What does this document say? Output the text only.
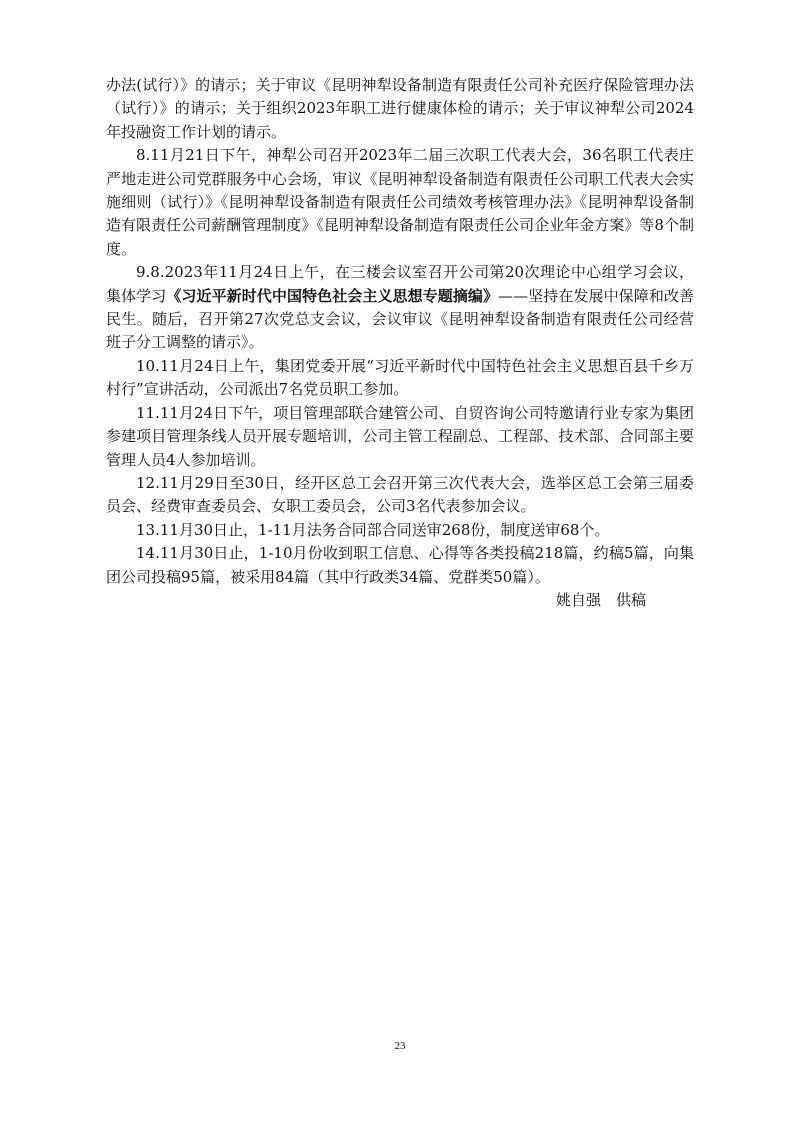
办法(试行）》的请示；关于审议《昆明神犁设备制造有限责任公司补充医疗保险管理办法（试行）》的请示；关于组织2023年职工进行健康体检的请示；关于审议神犁公司2024年投融资工作计划的请示。

8.11月21日下午，神犁公司召开2023年二届三次职工代表大会，36名职工代表庄严地走进公司党群服务中心会场，审议《昆明神犁设备制造有限责任公司职工代表大会实施细则（试行）》《昆明神犁设备制造有限责任公司绩效考核管理办法》《昆明神犁设备制造有限责任公司薪酬管理制度》《昆明神犁设备制造有限责任公司企业年金方案》等8个制度。

9.8.2023年11月24日上午，在三楼会议室召开公司第20次理论中心组学习会议，集体学习《习近平新时代中国特色社会主义思想专题摘编》——坚持在发展中保障和改善民生。随后，召开第27次党总支会议，会议审议《昆明神犁设备制造有限责任公司经营班子分工调整的请示》。

10.11月24日上午，集团党委开展“习近平新时代中国特色社会主义思想百县千乡万村行”宣讲活动，公司派出7名党员职工参加。

11.11月24日下午，项目管理部联合建管公司、自贸咨询公司特邀请行业专家为集团参建项目管理条线人员开展专题培训，公司主管工程副总、工程部、技术部、合同部主要管理人员4人参加培训。

12.11月29日至30日，经开区总工会召开第三次代表大会，选举区总工会第三届委员会、经费审查委员会、女职工委员会，公司3名代表参加会议。

13.11月30日止，1-11月法务合同部合同送审268份，制度送审68个。

14.11月30日止，1-10月份收到职工信息、心得等各类投稿218篇，约稿5篇，向集团公司投稿95篇，被采用84篇（其中行政类34篇、党群类50篇）。

姚自强　供稿

23
